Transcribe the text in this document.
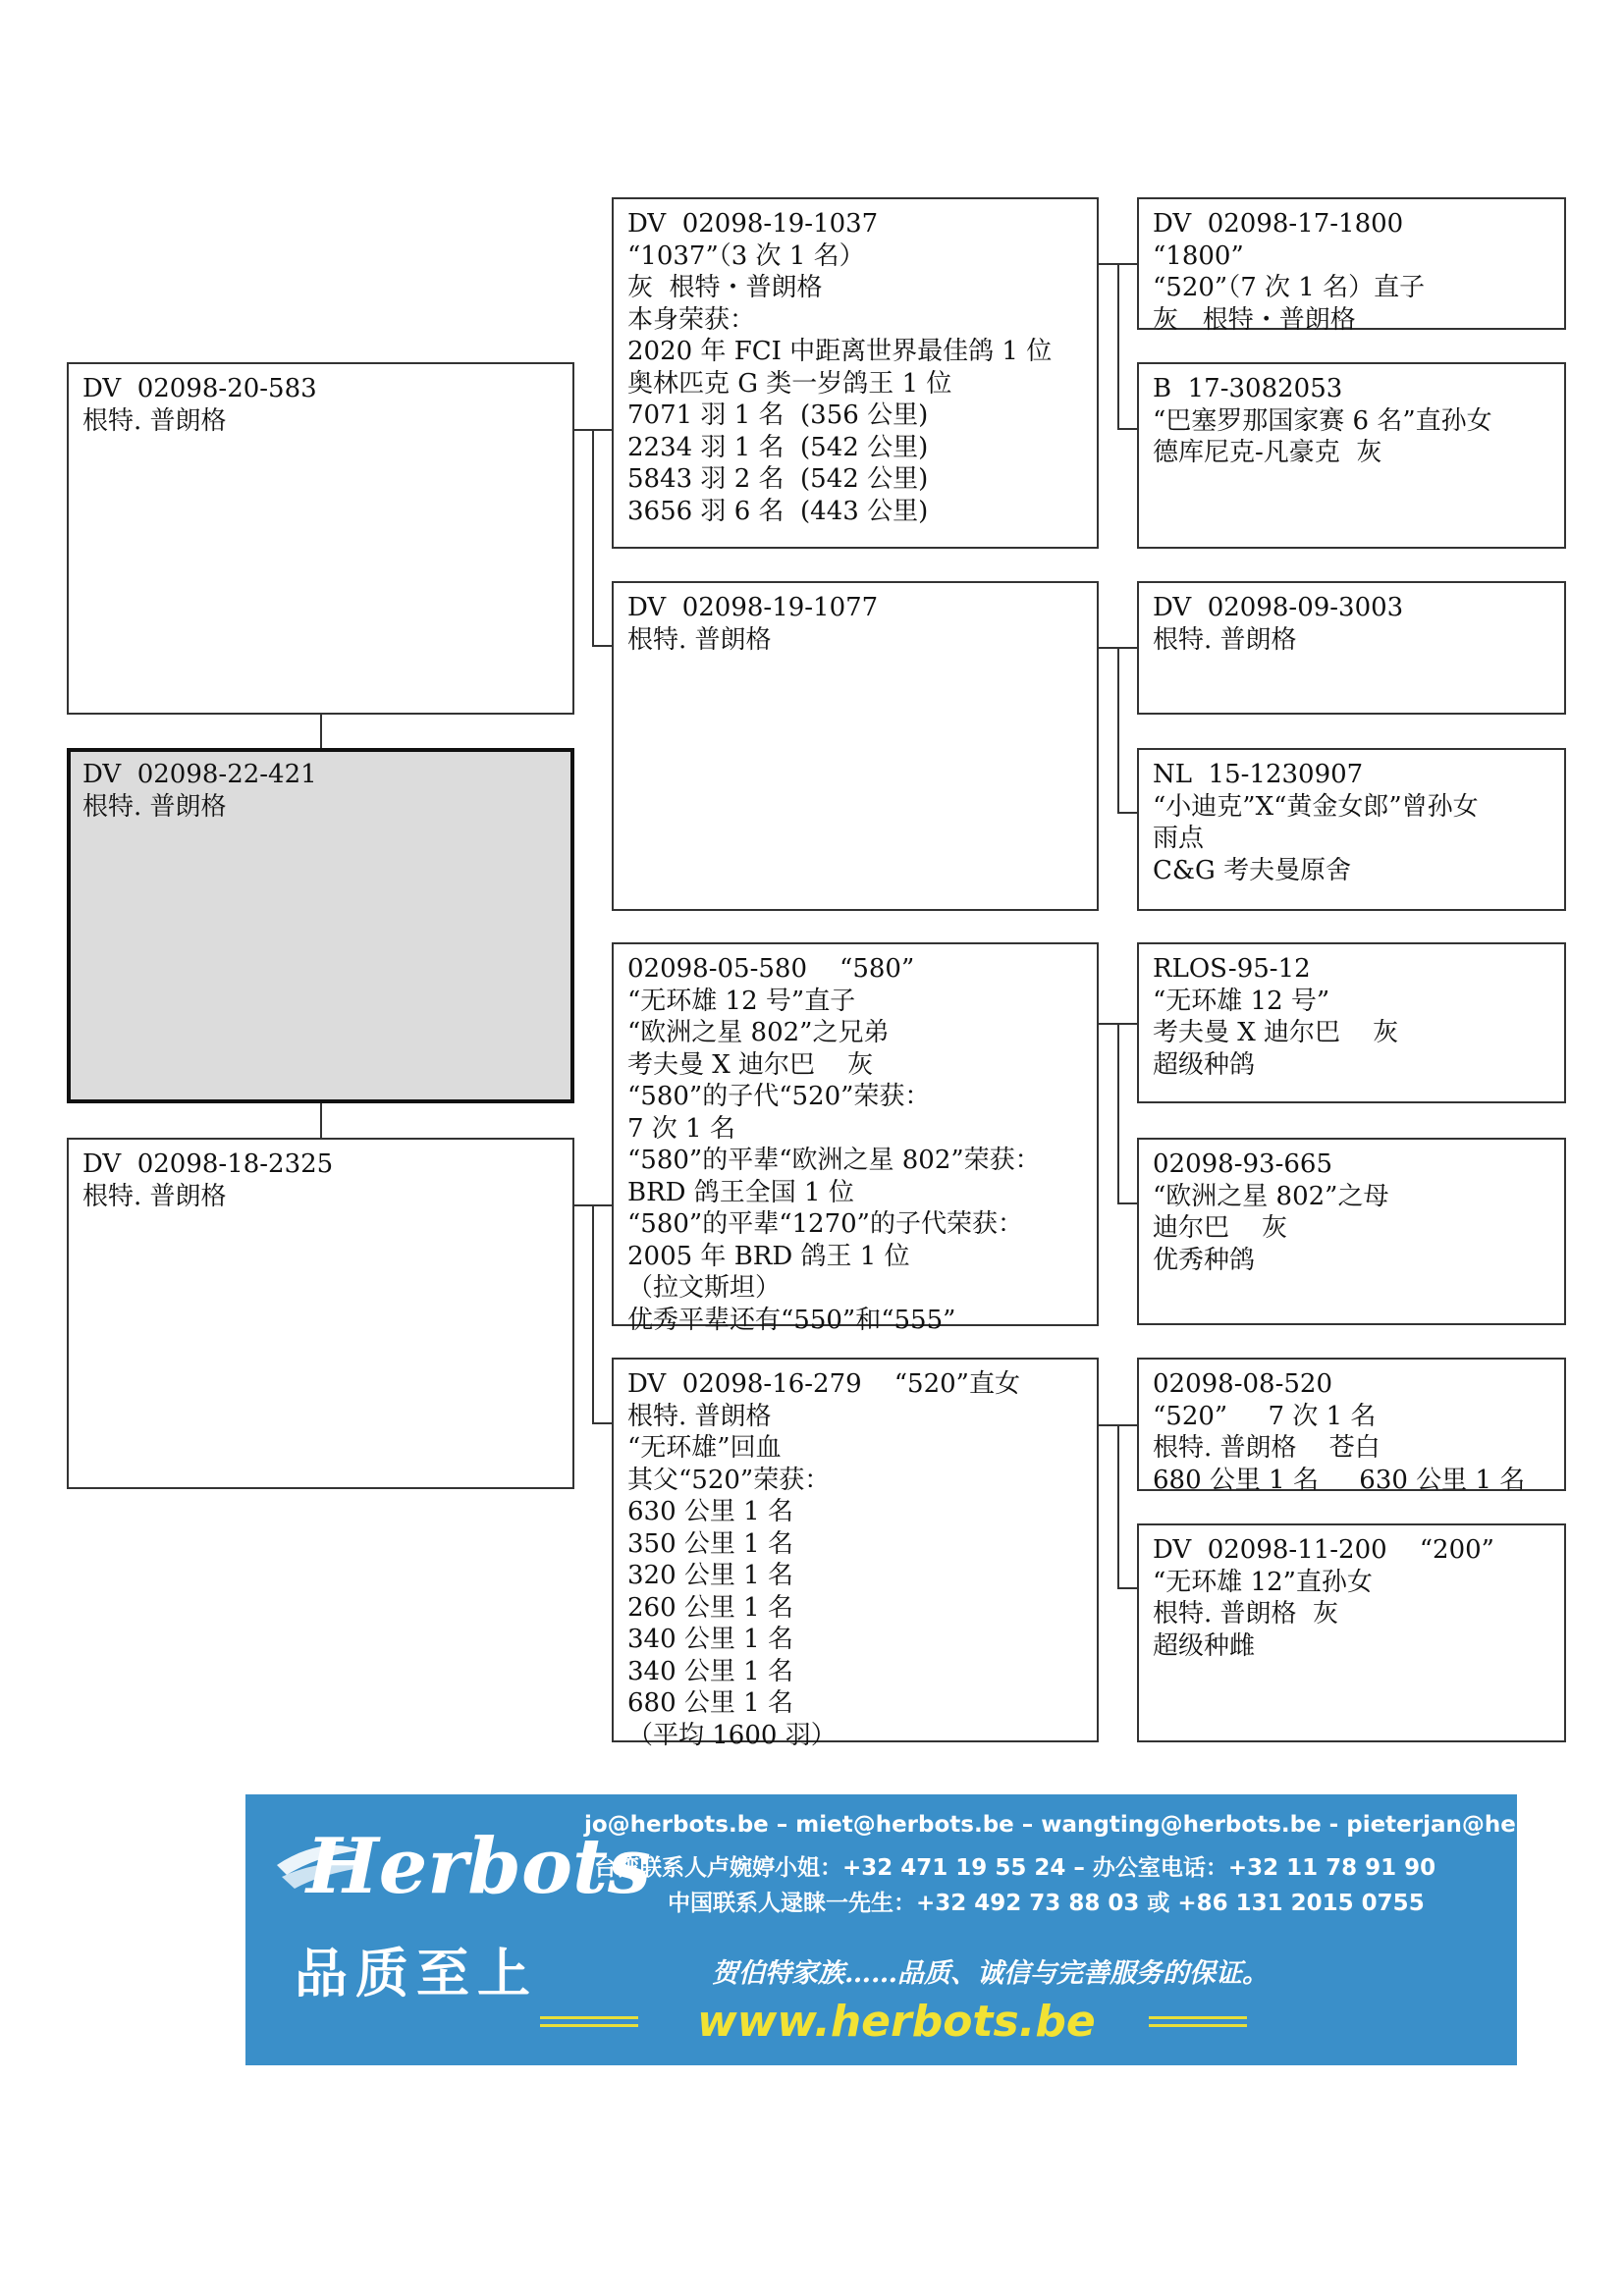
DV  02098-20-583
根特. 普朗格
DV  02098-22-421
根特. 普朗格
DV  02098-18-2325
根特. 普朗格
DV  02098-19-1037
“1037”（3 次 1 名）
灰  根特・普朗格
本身荣获：
2020 年 FCI 中距离世界最佳鸽 1 位
奥林匹克 G 类一岁鸽王 1 位
7071 羽 1 名  (356 公里)
2234 羽 1 名  (542 公里)
5843 羽 2 名  (542 公里)
3656 羽 6 名  (443 公里)
DV  02098-19-1077
根特. 普朗格
02098-05-580    “580”
“无环雄 12 号”直子
“欧洲之星 802”之兄弟
考夫曼 X 迪尔巴    灰
“580”的子代“520”荣获：
7 次 1 名
“580”的平辈“欧洲之星 802”荣获：
BRD 鸽王全国 1 位
“580”的平辈“1270”的子代荣获：
2005 年 BRD 鸽王 1 位
（拉文斯坦）
优秀平辈还有“550”和“555”
DV  02098-16-279    “520”直女
根特. 普朗格
“无环雄”回血
其父“520”荣获：
630 公里 1 名
350 公里 1 名
320 公里 1 名
260 公里 1 名
340 公里 1 名
340 公里 1 名
680 公里 1 名
（平均 1600 羽）
DV  02098-17-1800
“1800”
“520”（7 次 1 名）直子
灰   根特・普朗格
B  17-3082053
“巴塞罗那国家赛 6 名”直孙女
德库尼克-凡豪克  灰
DV  02098-09-3003
根特. 普朗格
NL  15-1230907
“小迪克”X“黄金女郎”曾孙女
雨点
C&G 考夫曼原舍
RLOS-95-12
“无环雄 12 号”
考夫曼 X 迪尔巴    灰
超级种鸽
02098-93-665
“欧洲之星 802”之母
迪尔巴    灰
优秀种鸽
02098-08-520
“520”     7 次 1 名
根特. 普朗格    苍白
680 公里 1 名     630 公里 1 名
DV  02098-11-200    “200”
“无环雄 12”直孙女
根特. 普朗格  灰
超级种雌
Herbots
品质至上
jo@herbots.be – miet@herbots.be – wangting@herbots.be - pieterjan@herbots.be
台湾联系人卢婉婷小姐：+32 471 19 55 24 – 办公室电话：+32 11 78 91 90
中国联系人逯睐一先生：+32 492 73 88 03 或 +86 131 2015 0755
贺伯特家族……品质、诚信与完善服务的保证。
www.herbots.be
